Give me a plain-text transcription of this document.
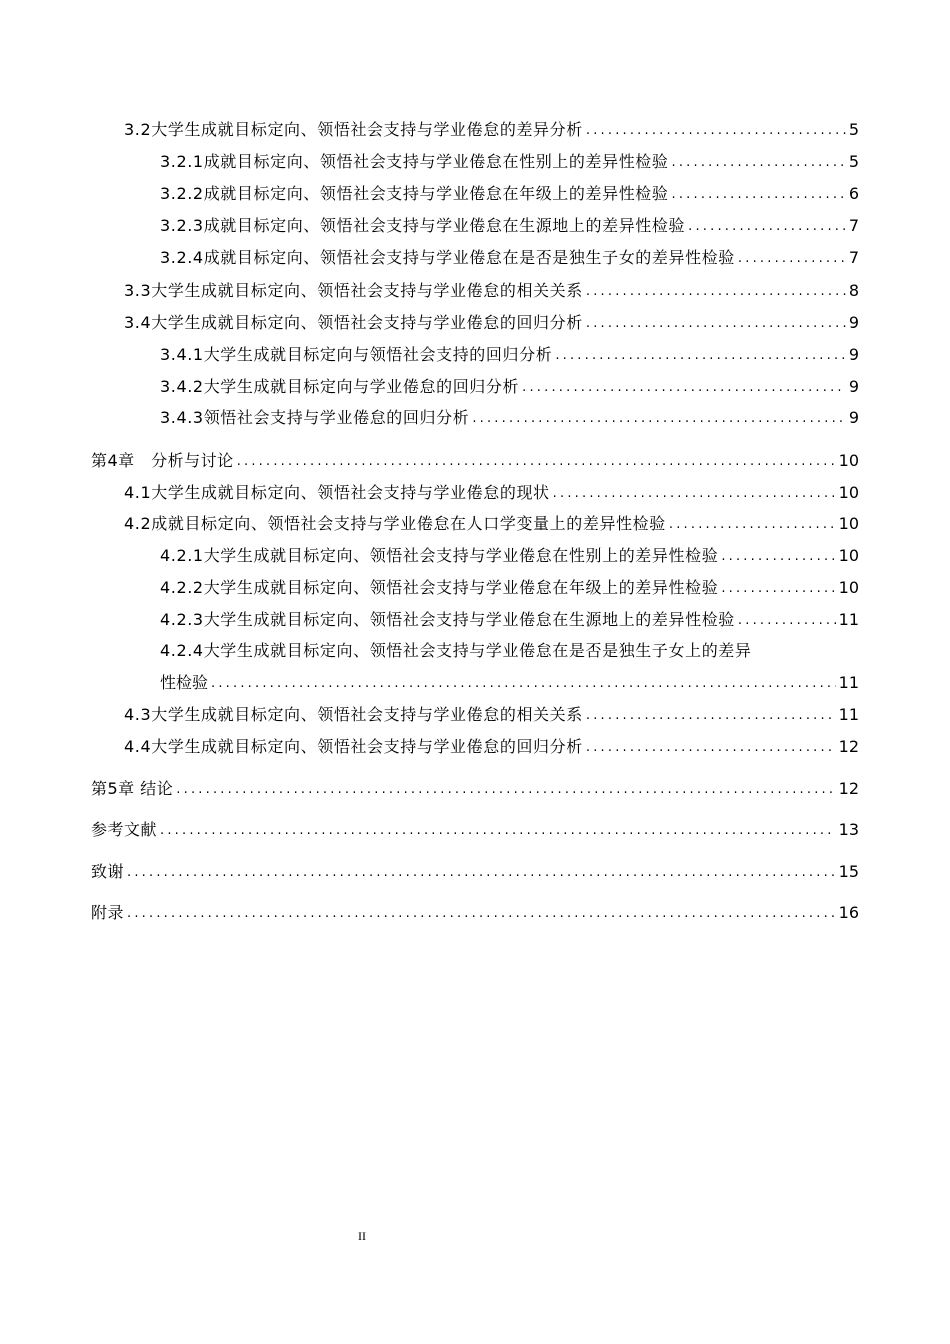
3.2大学生成就目标定向、领悟社会支持与学业倦怠的差异分析 .....	5
3.2.1成就目标定向、领悟社会支持与学业倦怠在性别上的差异性检验 .....	5
3.2.2成就目标定向、领悟社会支持与学业倦怠在年级上的差异性检验 .....	6
3.2.3成就目标定向、领悟社会支持与学业倦怠在生源地上的差异性检验 .....	7
3.2.4成就目标定向、领悟社会支持与学业倦怠在是否是独生子女的差异性检验 .....	7
3.3大学生成就目标定向、领悟社会支持与学业倦怠的相关关系 .....	8
3.4大学生成就目标定向、领悟社会支持与学业倦怠的回归分析 .....	9
3.4.1大学生成就目标定向与领悟社会支持的回归分析 .....	9
3.4.2大学生成就目标定向与学业倦怠的回归分析 .....	9
3.4.3领悟社会支持与学业倦怠的回归分析 .....	9
第4章　分析与讨论 .....	10
4.1大学生成就目标定向、领悟社会支持与学业倦怠的现状 .....	10
4.2成就目标定向、领悟社会支持与学业倦怠在人口学变量上的差异性检验 .....	10
4.2.1大学生成就目标定向、领悟社会支持与学业倦怠在性别上的差异性检验 .....	10
4.2.2大学生成就目标定向、领悟社会支持与学业倦怠在年级上的差异性检验 .....	10
4.2.3大学生成就目标定向、领悟社会支持与学业倦怠在生源地上的差异性检验 .....	11
4.2.4大学生成就目标定向、领悟社会支持与学业倦怠在是否是独生子女上的差异
性检验 .....	11
4.3大学生成就目标定向、领悟社会支持与学业倦怠的相关关系 .....	11
4.4大学生成就目标定向、领悟社会支持与学业倦怠的回归分析 .....	12
第5章 结论 .....	12
参考文献 .....	13
致谢 .....	15
附录 .....	16
II
